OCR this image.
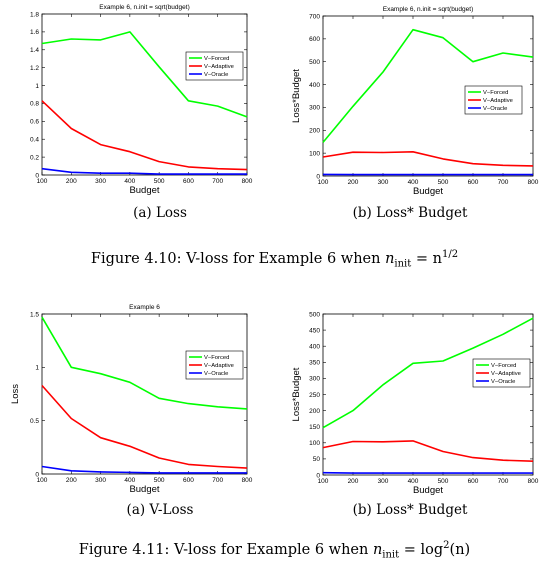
Example 6, n.init = sqrt(budget)
100	200	300	400	500	600	700	800
0
0.2
0.4
0.6
0.8
1
1.2
1.4
1.6
1.8
Budget
V−Forced
V−Adaptive
V−Oracle
Example 6, n.init = sqrt(budget)
100	200	300	400	500	600	700	800
0
100
200
300
400
500
600
700
Budget
Loss*Budget	V−Forced
V−Adaptive
V−Oracle
Example 6
100	200	300	400	500	600	700	800
0
0.5
1
1.5
Budget
Loss
V−Forced
V−Adaptive
V−Oracle
100	200	300	400	500	600	700	800
0
50
100
150
200
250
300
350
400
450
500
Budget
Loss*Budget
V−Forced
V−Adaptive
V−Oracle
(a) Loss	(b) Loss* Budget
Figure 4.10: V-loss for Example 6 when $n_{init} = n^{1/2}$
(a) V-Loss	(b) Loss* Budget
Figure 4.11: V-loss for Example 6 when $n_{init} = \log^2(n)$
